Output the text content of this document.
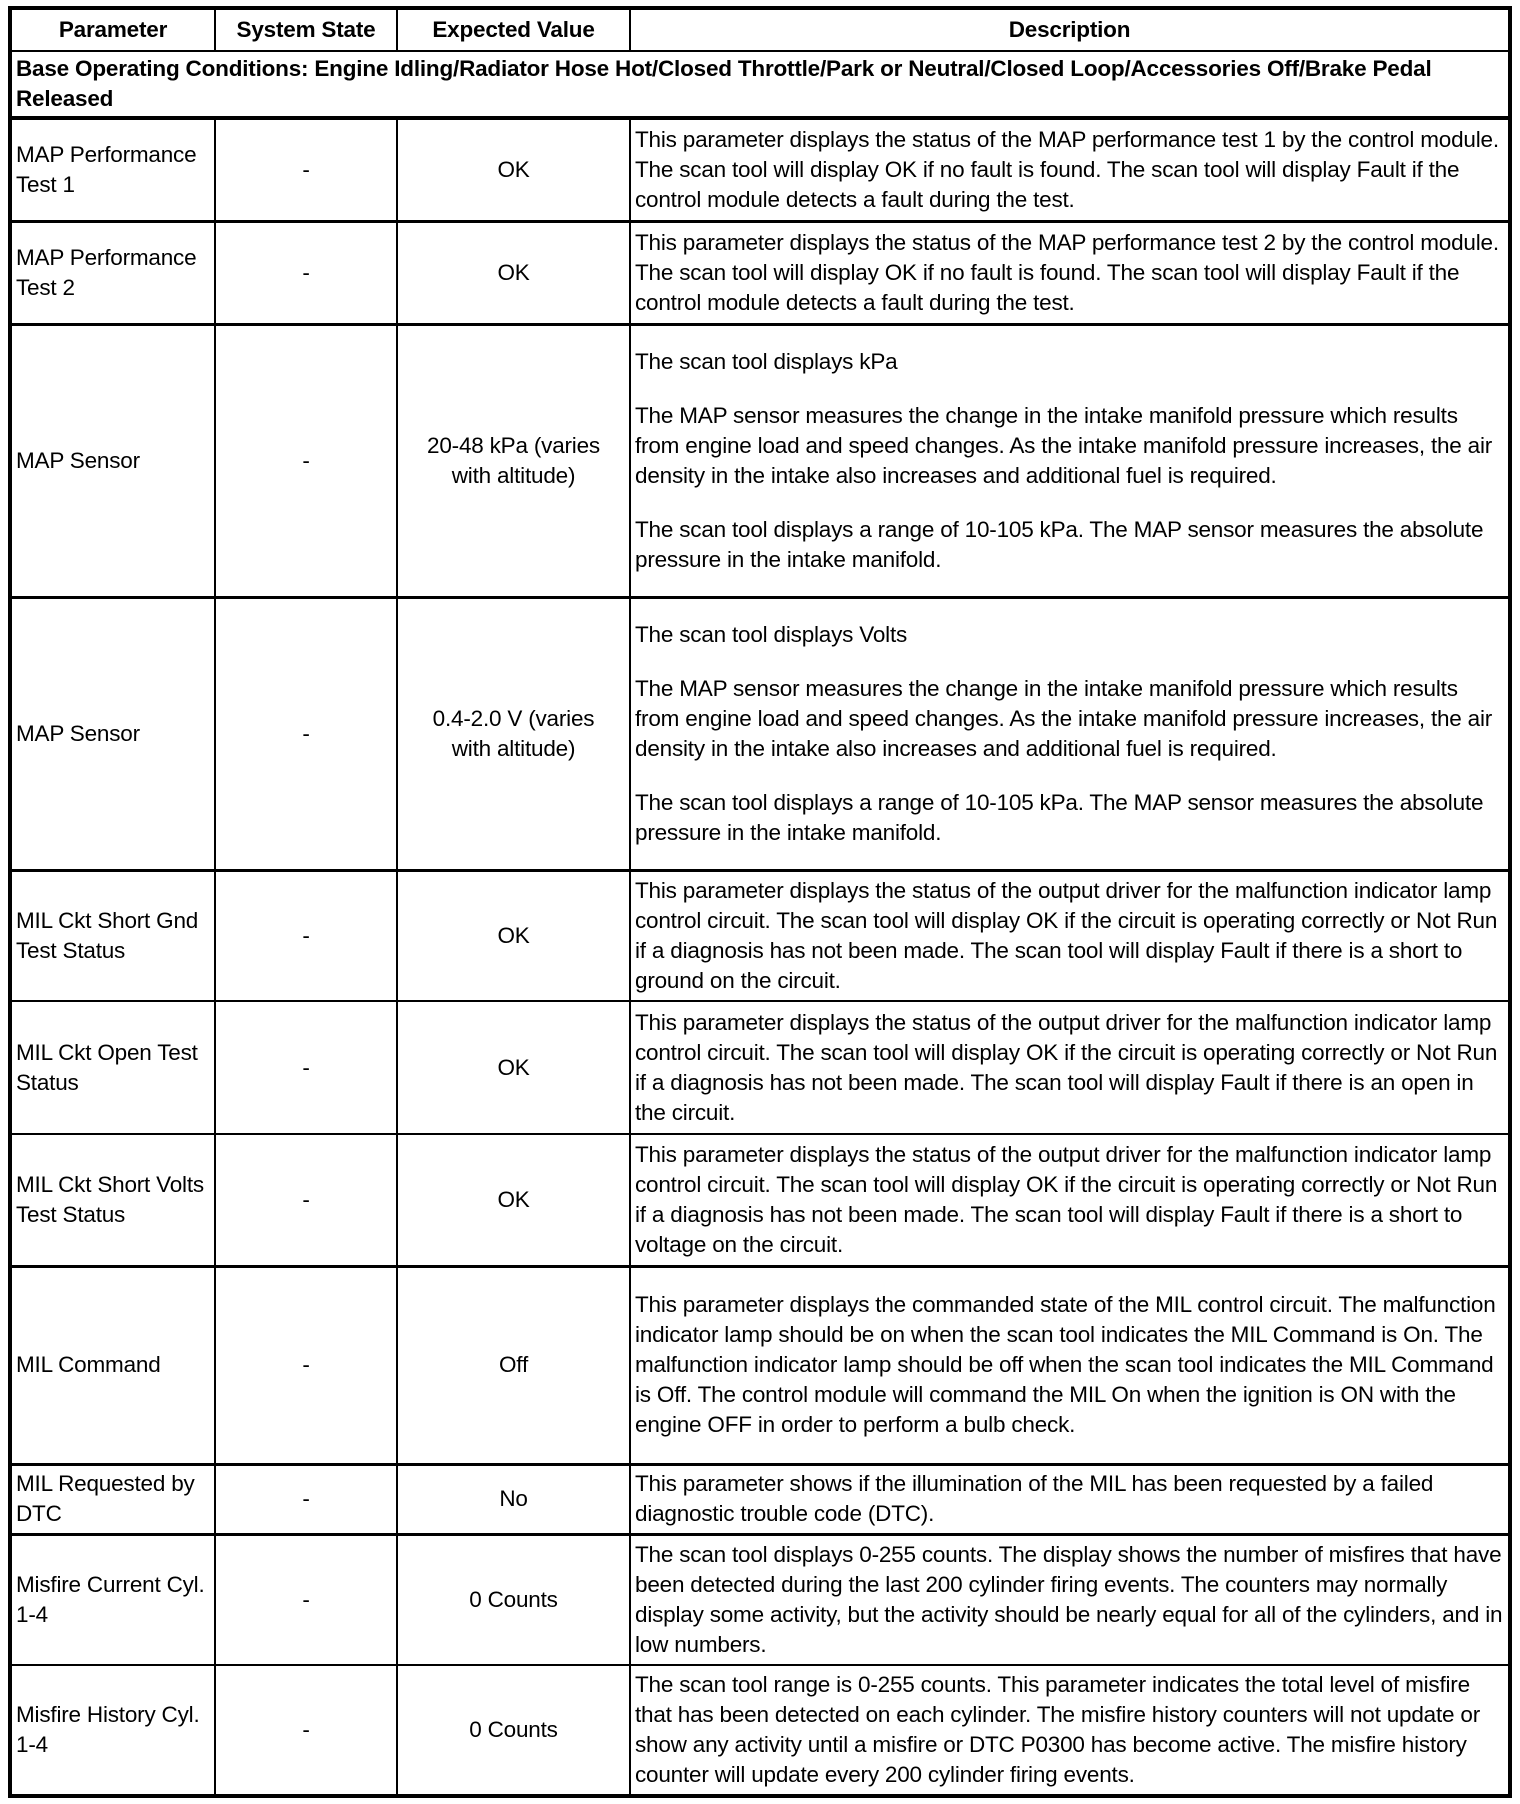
Parameter	System State	Expected Value	Description
Base Operating Conditions: Engine Idling/Radiator Hose Hot/Closed Throttle/Park or Neutral/Closed Loop/Accessories Off/Brake Pedal Released			
MAP Performance Test 1	-	OK	This parameter displays the status of the MAP performance test 1 by the control module. The scan tool will display OK if no fault is found. The scan tool will display Fault if the control module detects a fault during the test.

MAP Performance Test 2	-	OK	This parameter displays the status of the MAP performance test 2 by the control module. The scan tool will display OK if no fault is found. The scan tool will display Fault if the control module detects a fault during the test.

MAP Sensor	-	20-48 kPa (varies with altitude)	The scan tool displays kPa

The MAP sensor measures the change in the intake manifold pressure which results from engine load and speed changes. As the intake manifold pressure increases, the air density in the intake also increases and additional fuel is required.

The scan tool displays a range of 10-105 kPa. The MAP sensor measures the absolute pressure in the intake manifold.

MAP Sensor	-	0.4-2.0 V (varies with altitude)	The scan tool displays Volts

The MAP sensor measures the change in the intake manifold pressure which results from engine load and speed changes. As the intake manifold pressure increases, the air density in the intake also increases and additional fuel is required.

The scan tool displays a range of 10-105 kPa. The MAP sensor measures the absolute pressure in the intake manifold.

MIL Ckt Short Gnd Test Status	-	OK	This parameter displays the status of the output driver for the malfunction indicator lamp control circuit. The scan tool will display OK if the circuit is operating correctly or Not Run if a diagnosis has not been made. The scan tool will display Fault if there is a short to ground on the circuit.

MIL Ckt Open Test Status	-	OK	This parameter displays the status of the output driver for the malfunction indicator lamp control circuit. The scan tool will display OK if the circuit is operating correctly or Not Run if a diagnosis has not been made. The scan tool will display Fault if there is an open in the circuit.

MIL Ckt Short Volts Test Status	-	OK	This parameter displays the status of the output driver for the malfunction indicator lamp control circuit. The scan tool will display OK if the circuit is operating correctly or Not Run if a diagnosis has not been made. The scan tool will display Fault if there is a short to voltage on the circuit.

MIL Command	-	Off	This parameter displays the commanded state of the MIL control circuit. The malfunction indicator lamp should be on when the scan tool indicates the MIL Command is On. The malfunction indicator lamp should be off when the scan tool indicates the MIL Command is Off. The control module will command the MIL On when the ignition is ON with the engine OFF in order to perform a bulb check.

MIL Requested by DTC	-	No	This parameter shows if the illumination of the MIL has been requested by a failed diagnostic trouble code (DTC).

Misfire Current Cyl. 1-4	-	0 Counts	The scan tool displays 0-255 counts. The display shows the number of misfires that have been detected during the last 200 cylinder firing events. The counters may normally display some activity, but the activity should be nearly equal for all of the cylinders, and in low numbers.

Misfire History Cyl. 1-4	-	0 Counts	The scan tool range is 0-255 counts. This parameter indicates the total level of misfire that has been detected on each cylinder. The misfire history counters will not update or show any activity until a misfire or DTC P0300 has become active. The misfire history counter will update every 200 cylinder firing events.
